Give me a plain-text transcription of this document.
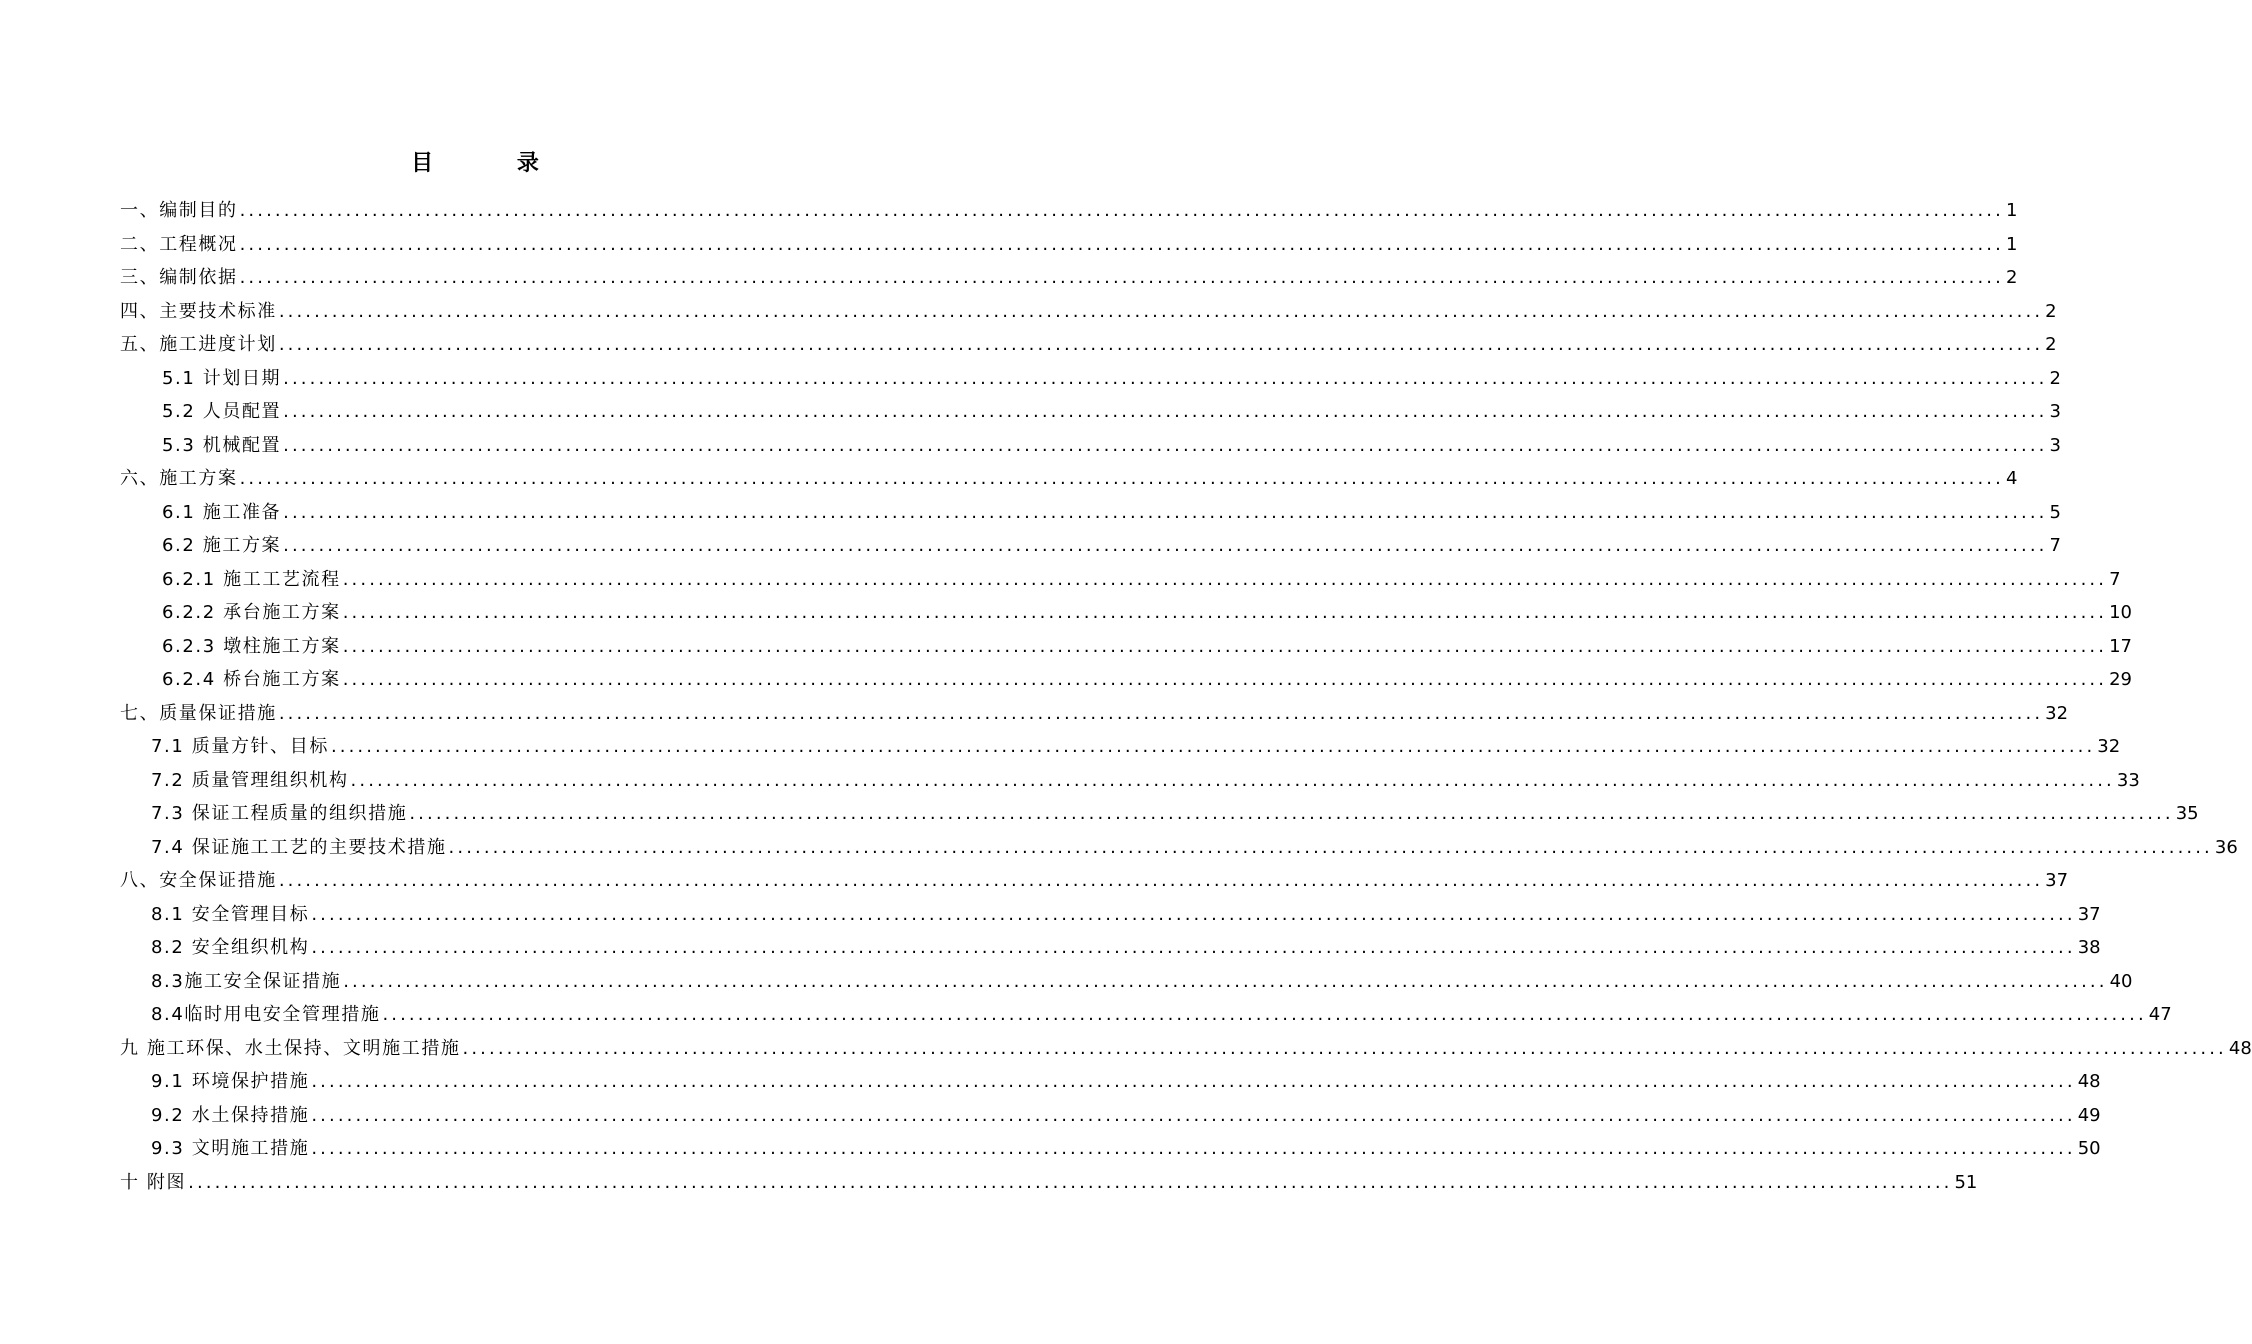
目 录
一、编制目的 ........................................................................................................................................................................................................ 1
二、工程概况 ........................................................................................................................................................................................................ 1
三、编制依据 ........................................................................................................................................................................................................ 2
四、主要技术标准 ........................................................................................................................................................................................................ 2
五、施工进度计划 ........................................................................................................................................................................................................ 2
5.1 计划日期 ........................................................................................................................................................................................................ 2
5.2 人员配置 ........................................................................................................................................................................................................ 3
5.3 机械配置 ........................................................................................................................................................................................................ 3
六、施工方案 ........................................................................................................................................................................................................ 4
6.1 施工准备 ........................................................................................................................................................................................................ 5
6.2 施工方案 ........................................................................................................................................................................................................ 7
6.2.1 施工工艺流程 ........................................................................................................................................................................................................ 7
6.2.2 承台施工方案 ........................................................................................................................................................................................................ 10
6.2.3 墩柱施工方案 ........................................................................................................................................................................................................ 17
6.2.4 桥台施工方案 ........................................................................................................................................................................................................ 29
七、质量保证措施 ........................................................................................................................................................................................................ 32
7.1 质量方针、目标 ........................................................................................................................................................................................................ 32
7.2 质量管理组织机构 ........................................................................................................................................................................................................ 33
7.3 保证工程质量的组织措施 ........................................................................................................................................................................................................ 35
7.4 保证施工工艺的主要技术措施 ........................................................................................................................................................................................................ 36
八、安全保证措施 ........................................................................................................................................................................................................ 37
8.1 安全管理目标 ........................................................................................................................................................................................................ 37
8.2 安全组织机构 ........................................................................................................................................................................................................ 38
8.3施工安全保证措施 ........................................................................................................................................................................................................ 40
8.4临时用电安全管理措施 ........................................................................................................................................................................................................ 47
九 施工环保、水土保持、文明施工措施 ........................................................................................................................................................................................................ 48
9.1 环境保护措施 ........................................................................................................................................................................................................ 48
9.2 水土保持措施 ........................................................................................................................................................................................................ 49
9.3 文明施工措施 ........................................................................................................................................................................................................ 50
十 附图 ........................................................................................................................................................................................................ 51
